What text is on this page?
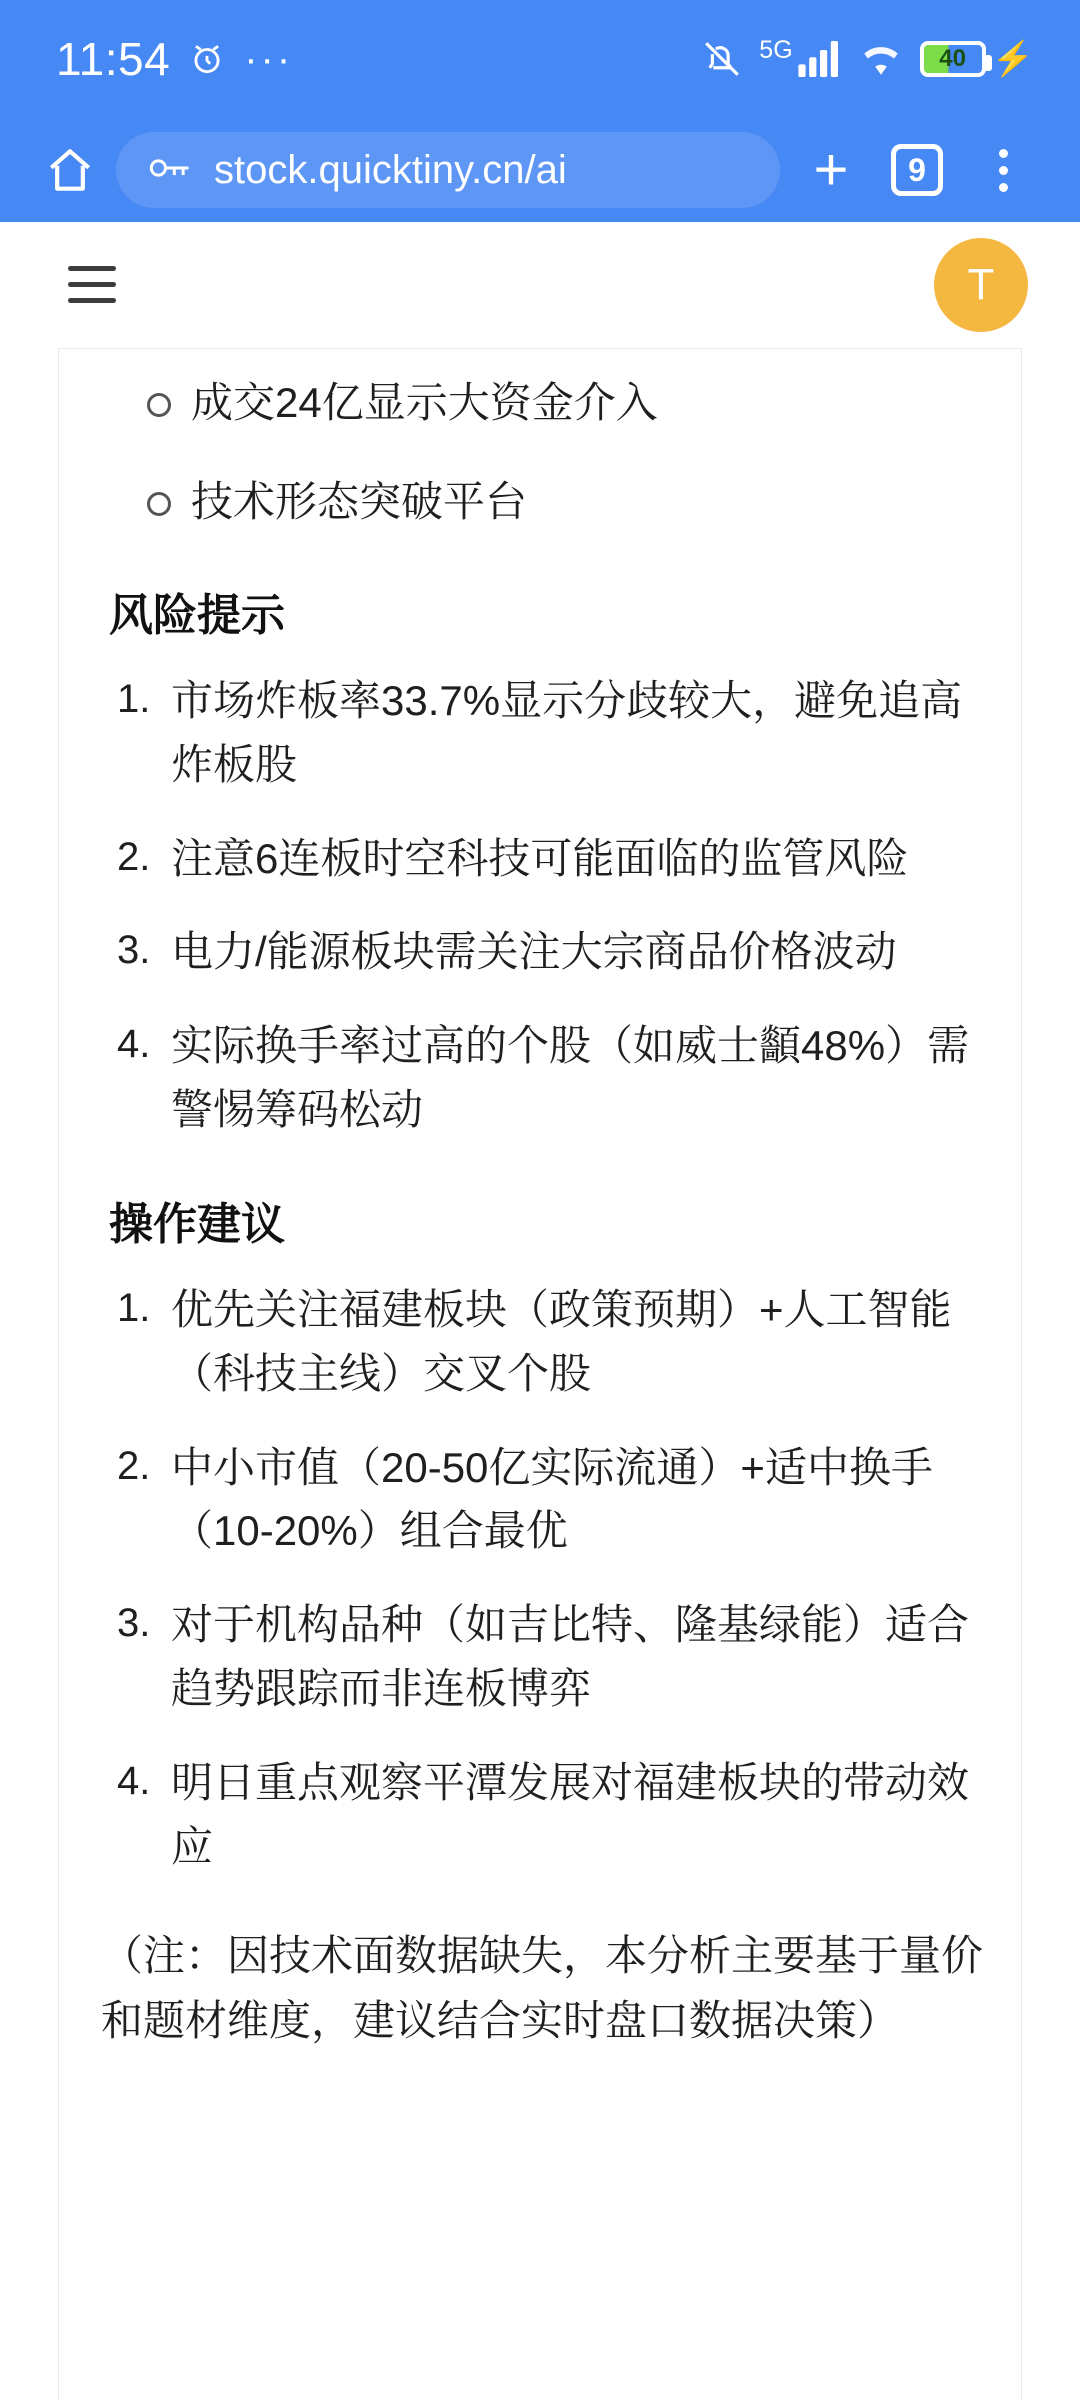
11:54 ···	5G	40 ⚡
stock.quicktiny.cn/ai	+	9
T
成交24亿显示大资金介入
技术形态突破平台
风险提示
市场炸板率33.7%显示分歧较大，避免追高炸板股
注意6连板时空科技可能面临的监管风险
电力/能源板块需关注大宗商品价格波动
实际换手率过高的个股（如威士顲48%）需警惕筹码松动
操作建议
优先关注福建板块（政策预期）+人工智能（科技主线）交叉个股
中小市值（20-50亿实际流通）+适中换手（10-20%）组合最优
对于机构品种（如吉比特、隆基绿能）适合趋势跟踪而非连板博弈
明日重点观察平潭发展对福建板块的带动效应

（注：因技术面数据缺失，本分析主要基于量价和题材维度，建议结合实时盘口数据决策）
